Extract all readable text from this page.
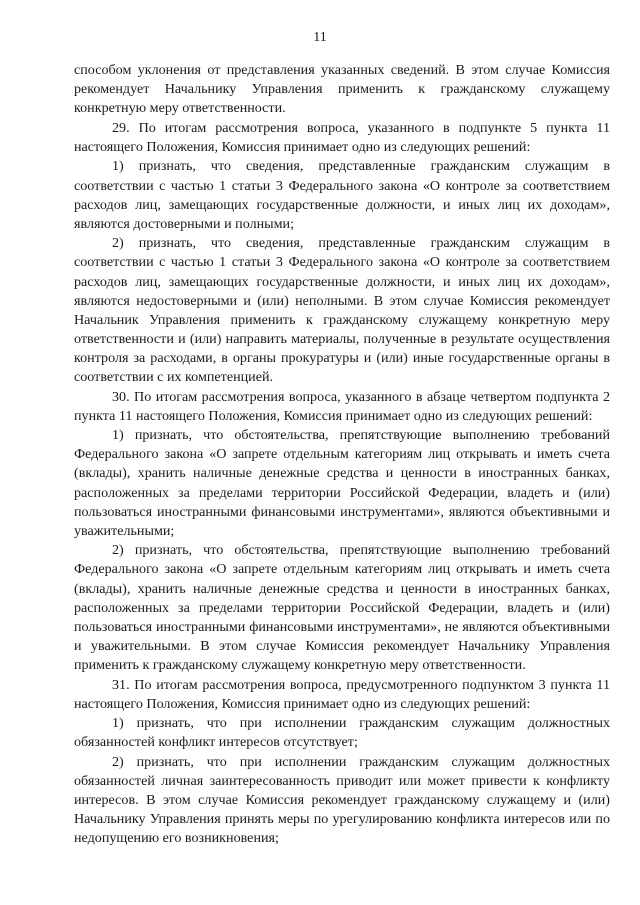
11

способом уклонения от представления указанных сведений. В этом случае Комиссия рекомендует Начальнику Управления применить к гражданскому служащему конкретную меру ответственности.

29. По итогам рассмотрения вопроса, указанного в подпункте 5 пункта 11 настоящего Положения, Комиссия принимает одно из следующих решений:

1) признать, что сведения, представленные гражданским служащим в соответствии с частью 1 статьи 3 Федерального закона «О контроле за соответствием расходов лиц, замещающих государственные должности, и иных лиц их доходам», являются достоверными и полными;

2) признать, что сведения, представленные гражданским служащим в соответствии с частью 1 статьи 3 Федерального закона «О контроле за соответствием расходов лиц, замещающих государственные должности, и иных лиц их доходам», являются недостоверными и (или) неполными. В этом случае Комиссия рекомендует Начальник Управления применить к гражданскому служащему конкретную меру ответственности и (или) направить материалы, полученные в результате осуществления контроля за расходами, в органы прокуратуры и (или) иные государственные органы в соответствии с их компетенцией.

30. По итогам рассмотрения вопроса, указанного в абзаце четвертом подпункта 2 пункта 11 настоящего Положения, Комиссия принимает одно из следующих решений:

1) признать, что обстоятельства, препятствующие выполнению требований Федерального закона «О запрете отдельным категориям лиц открывать и иметь счета (вклады), хранить наличные денежные средства и ценности в иностранных банках, расположенных за пределами территории Российской Федерации, владеть и (или) пользоваться иностранными финансовыми инструментами», являются объективными и уважительными;

2) признать, что обстоятельства, препятствующие выполнению требований Федерального закона «О запрете отдельным категориям лиц открывать и иметь счета (вклады), хранить наличные денежные средства и ценности в иностранных банках, расположенных за пределами территории Российской Федерации, владеть и (или) пользоваться иностранными финансовыми инструментами», не являются объективными и уважительными. В этом случае Комиссия рекомендует Начальнику Управления применить к гражданскому служащему конкретную меру ответственности.

31. По итогам рассмотрения вопроса, предусмотренного подпунктом 3 пункта 11 настоящего Положения, Комиссия принимает одно из следующих решений:

1) признать, что при исполнении гражданским служащим должностных обязанностей конфликт интересов отсутствует;

2) признать, что при исполнении гражданским служащим должностных обязанностей личная заинтересованность приводит или может привести к конфликту интересов. В этом случае Комиссия рекомендует гражданскому служащему и (или) Начальнику Управления принять меры по урегулированию конфликта интересов или по недопущению его возникновения;
